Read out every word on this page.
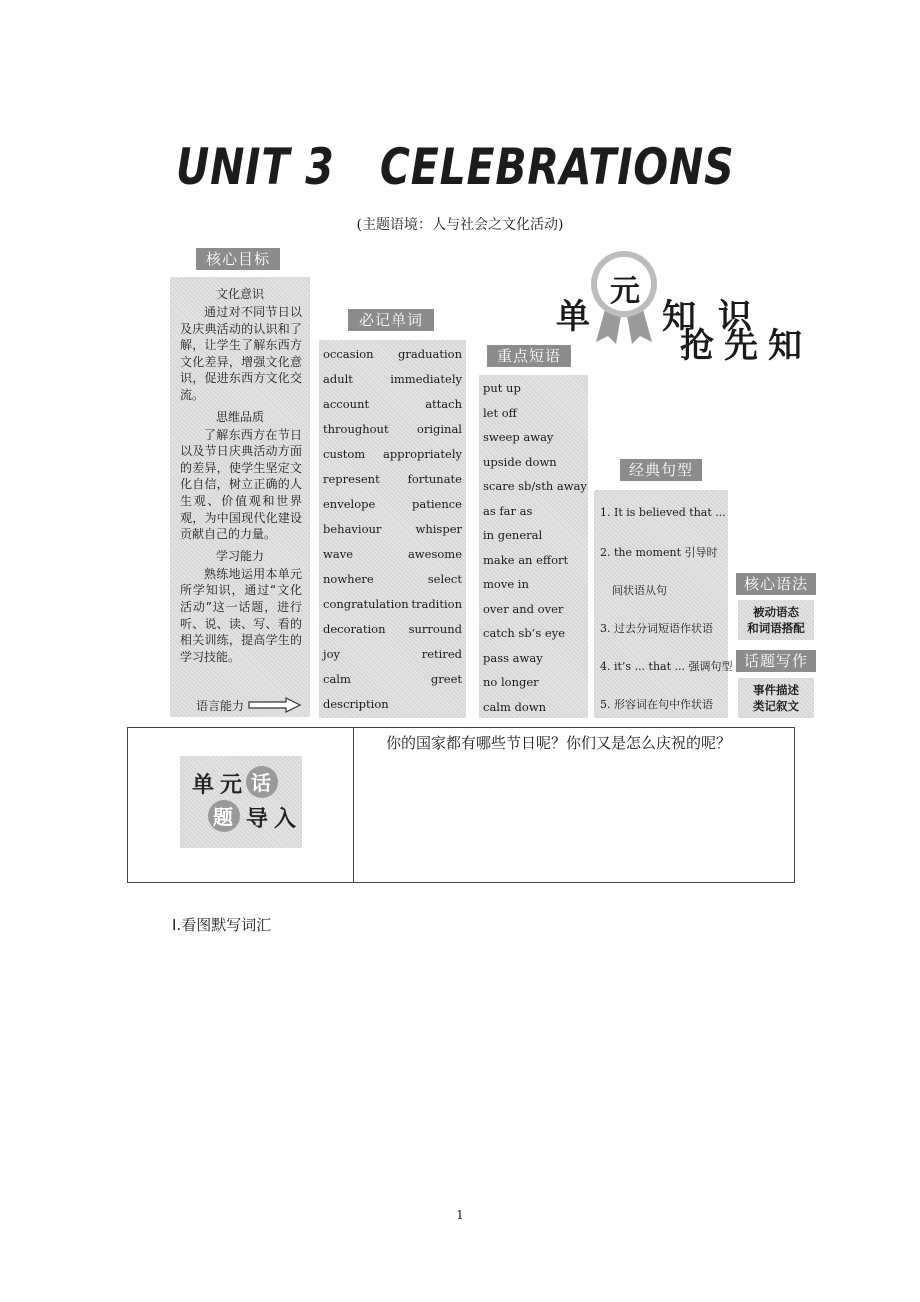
UNIT 3   CELEBRATIONS
(主题语境：人与社会之文化活动)
核心目标
文化意识
通过对不同节日以及庆典活动的认识和了解，让学生了解东西方文化差异，增强文化意识，促进东西方文化交流。
思维品质
了解东西方在节日以及节日庆典活动方面的差异，使学生坚定文化自信，树立正确的人生观、价值观和世界观，为中国现代化建设贡献自己的力量。
学习能力
熟练地运用本单元所学知识，通过“文化活动”这一话题，进行听、说、读、写、看的相关训练，提高学生的学习技能。
语言能力
必记单词
occasion graduation
adult	immediately
account	attach
throughout original
custom appropriately
represent fortunate
envelope	patience
behaviour	whisper
wave	awesome
nowhere	select
congratulation tradition
decoration surround
joy	retired
calm	greet
description
重点短语
put up
let off
sweep away
upside down
scare sb/sth away
as far as
in general
make an effort
move in
over and over
catch sb’s eye
pass away
no longer
calm down
经典句型
1. It is believed that ...
2. the moment 引导时
间状语从句
3. 过去分词短语作状语
4. it’s ... that ... 强调句型
5. 形容词在句中作状语
核心语法
被动语态
和词语搭配
话题写作
事件描述
类记叙文
元
单 知 识
抢先知
单 元 话
题 导 入
你的国家都有哪些节日呢？你们又是怎么庆祝的呢？
Ⅰ.看图默写词汇
1
